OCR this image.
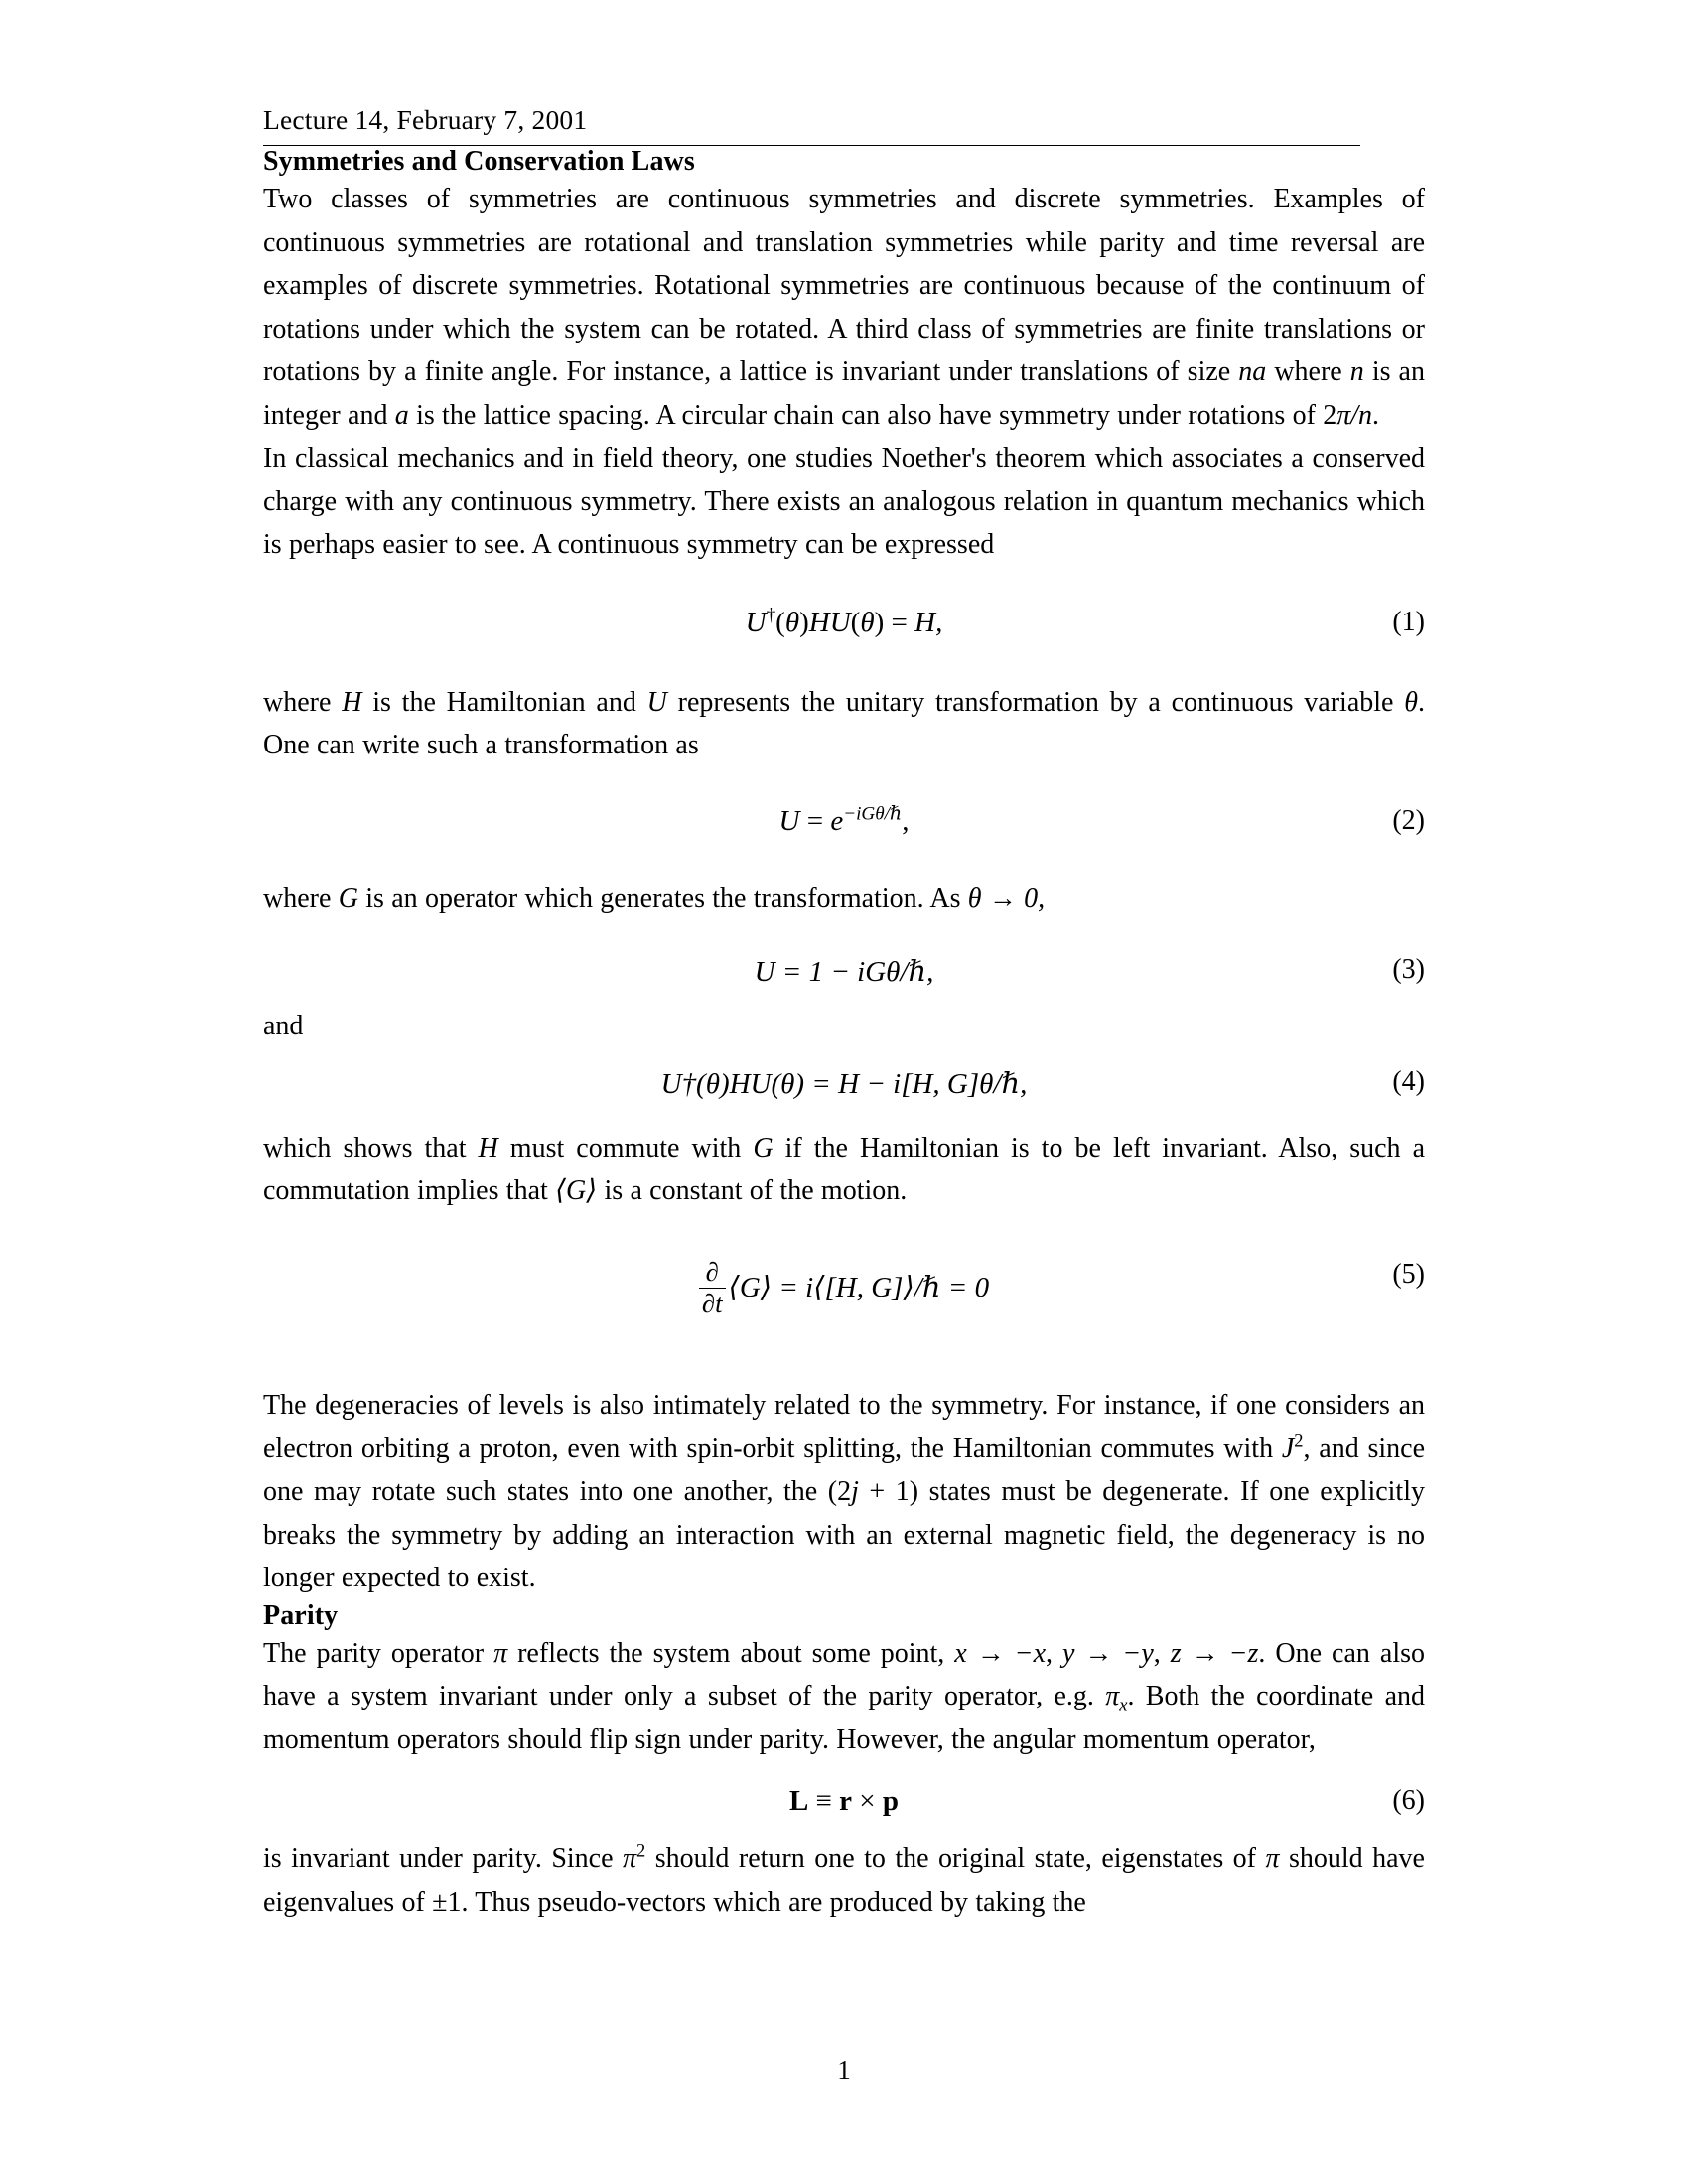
Lecture 14, February 7, 2001
Symmetries and Conservation Laws

Two classes of symmetries are continuous symmetries and discrete symmetries. Examples of continuous symmetries are rotational and translation symmetries while parity and time reversal are examples of discrete symmetries. Rotational symmetries are continuous because of the continuum of rotations under which the system can be rotated. A third class of symmetries are finite translations or rotations by a finite angle. For instance, a lattice is invariant under translations of size na where n is an integer and a is the lattice spacing. A circular chain can also have symmetry under rotations of 2π/n.

In classical mechanics and in field theory, one studies Noether's theorem which associates a conserved charge with any continuous symmetry. There exists an analogous relation in quantum mechanics which is perhaps easier to see. A continuous symmetry can be expressed

U†(θ)HU(θ) = H,	(1)

where H is the Hamiltonian and U represents the unitary transformation by a continuous variable θ. One can write such a transformation as

$U = e^{-iG\theta/\hbar}$,	(2)

where G is an operator which generates the transformation. As θ → 0,

U = 1 − iGθ/ℏ,	(3)

and

U†(θ)HU(θ) = H − i[H, G]θ/ℏ,	(4)

which shows that H must commute with G if the Hamiltonian is to be left invariant. Also, such a commutation implies that ⟨G⟩ is a constant of the motion.

$\frac{\partial}{\partial t}$ ⟨G⟩ = i⟨[H, G]⟩/ℏ = 0	(5)

The degeneracies of levels is also intimately related to the symmetry. For instance, if one considers an electron orbiting a proton, even with spin-orbit splitting, the Hamiltonian commutes with $J^2$, and since one may rotate such states into one another, the (2j + 1) states must be degenerate. If one explicitly breaks the symmetry by adding an interaction with an external magnetic field, the degeneracy is no longer expected to exist.

Parity

The parity operator π reflects the system about some point, x → −x, y → −y, z → −z. One can also have a system invariant under only a subset of the parity operator, e.g. $\pi_x$. Both the coordinate and momentum operators should flip sign under parity. However, the angular momentum operator,

L ≡ r × p	(6)

is invariant under parity. Since $\pi^2$ should return one to the original state, eigenstates of π should have eigenvalues of ±1. Thus pseudo-vectors which are produced by taking the

1
